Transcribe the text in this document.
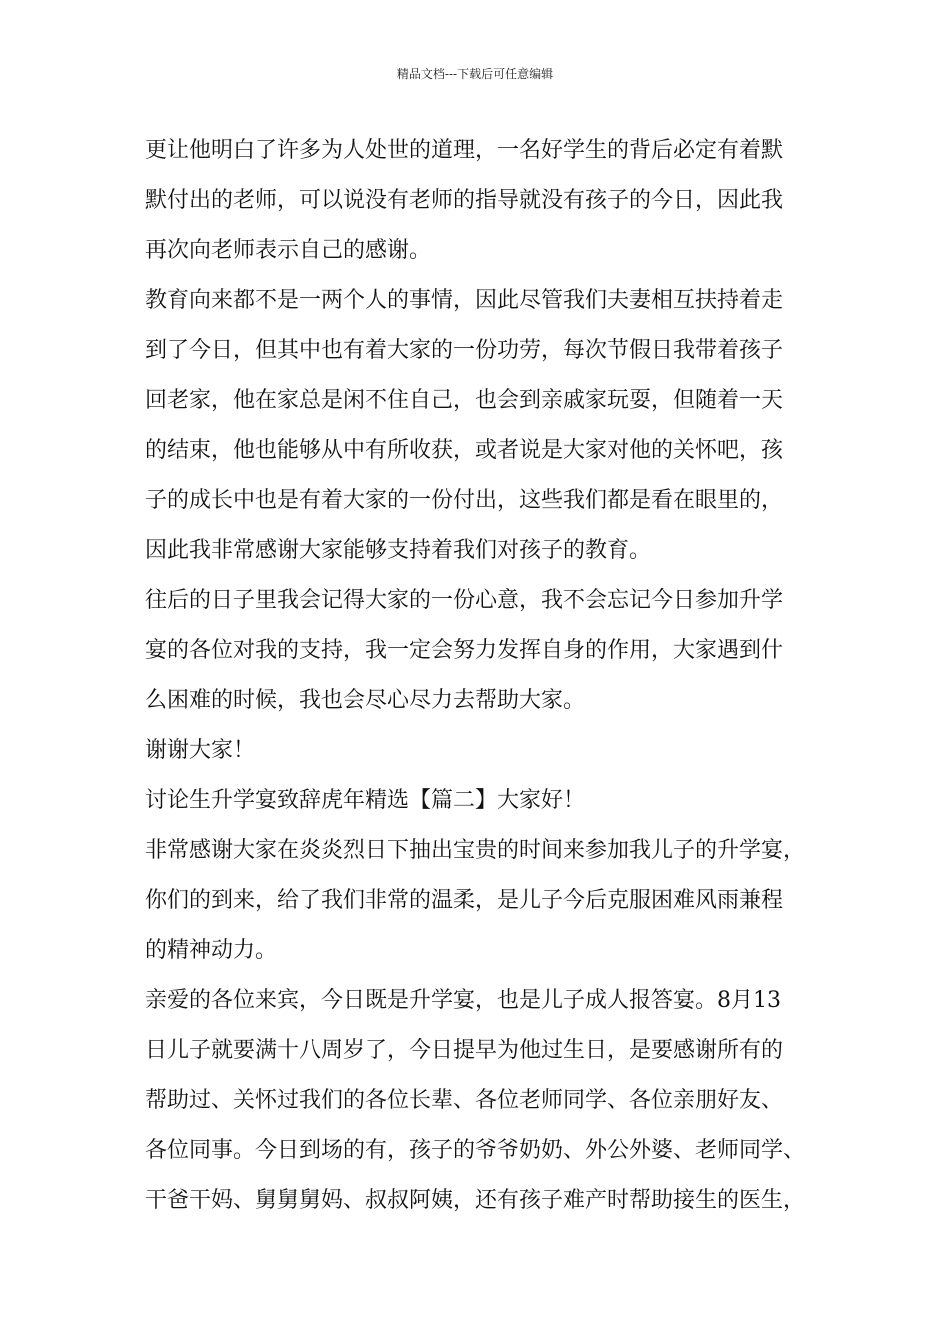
精品文档---下载后可任意编辑
更让他明白了许多为人处世的道理，一名好学生的背后必定有着默
默付出的老师，可以说没有老师的指导就没有孩子的今日，因此我
再次向老师表示自己的感谢。
教育向来都不是一两个人的事情，因此尽管我们夫妻相互扶持着走
到了今日，但其中也有着大家的一份功劳，每次节假日我带着孩子
回老家，他在家总是闲不住自己，也会到亲戚家玩耍，但随着一天
的结束，他也能够从中有所收获，或者说是大家对他的关怀吧，孩
子的成长中也是有着大家的一份付出，这些我们都是看在眼里的，
因此我非常感谢大家能够支持着我们对孩子的教育。
往后的日子里我会记得大家的一份心意，我不会忘记今日参加升学
宴的各位对我的支持，我一定会努力发挥自身的作用，大家遇到什
么困难的时候，我也会尽心尽力去帮助大家。
谢谢大家！
讨论生升学宴致辞虎年精选【篇二】大家好！
非常感谢大家在炎炎烈日下抽出宝贵的时间来参加我儿子的升学宴，
你们的到来，给了我们非常的温柔，是儿子今后克服困难风雨兼程
的精神动力。
亲爱的各位来宾，今日既是升学宴，也是儿子成人报答宴。8月13
日儿子就要满十八周岁了，今日提早为他过生日，是要感谢所有的
帮助过、关怀过我们的各位长辈、各位老师同学、各位亲朋好友、
各位同事。今日到场的有，孩子的爷爷奶奶、外公外婆、老师同学、
干爸干妈、舅舅舅妈、叔叔阿姨，还有孩子难产时帮助接生的医生，
